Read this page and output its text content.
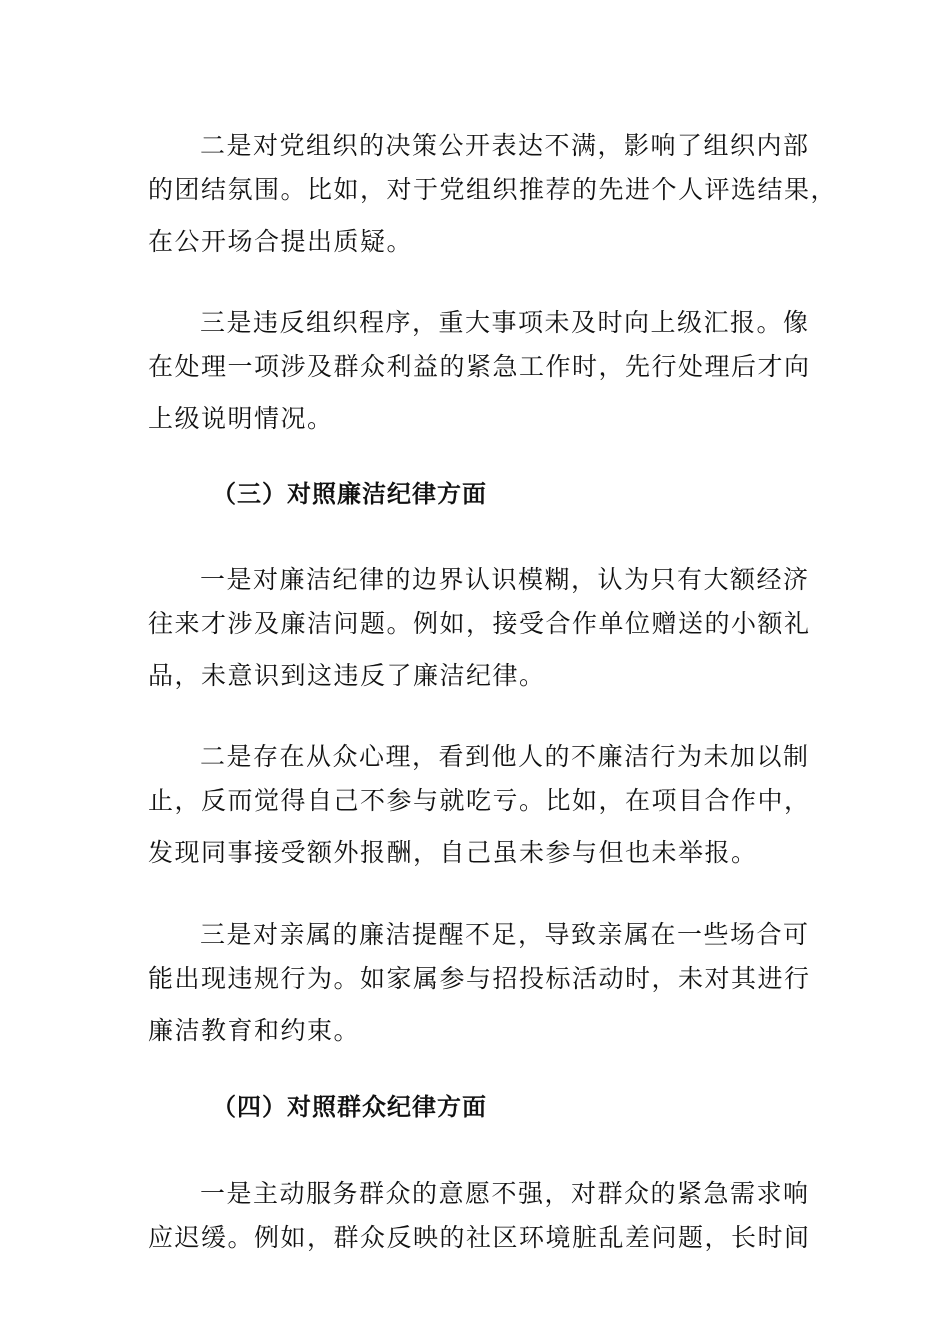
二是对党组织的决策公开表达不满，影响了组织内部
的团结氛围。比如，对于党组织推荐的先进个人评选结果，
在公开场合提出质疑。

三是违反组织程序，重大事项未及时向上级汇报。像
在处理一项涉及群众利益的紧急工作时，先行处理后才向
上级说明情况。

（三）对照廉洁纪律方面

一是对廉洁纪律的边界认识模糊，认为只有大额经济
往来才涉及廉洁问题。例如，接受合作单位赠送的小额礼
品，未意识到这违反了廉洁纪律。

二是存在从众心理，看到他人的不廉洁行为未加以制
止，反而觉得自己不参与就吃亏。比如，在项目合作中，
发现同事接受额外报酬，自己虽未参与但也未举报。

三是对亲属的廉洁提醒不足，导致亲属在一些场合可
能出现违规行为。如家属参与招投标活动时，未对其进行
廉洁教育和约束。

（四）对照群众纪律方面

一是主动服务群众的意愿不强，对群众的紧急需求响
应迟缓。例如，群众反映的社区环境脏乱差问题，长时间
